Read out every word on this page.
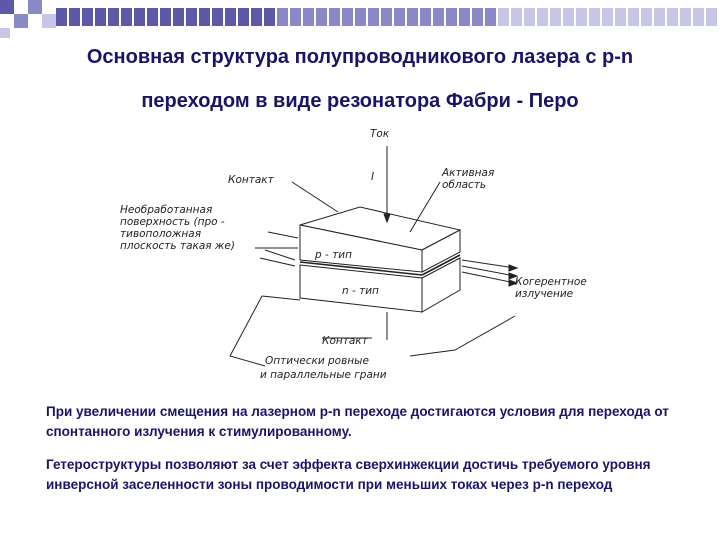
Основная структура полупроводникового лазера с р-n
переходом в виде резонатора Фабри - Перо
Ток
I
Контакт
Активная
область
Необработанная
поверхность (про -
тивоположная
плоскость такая же)
р - тип
n - тип
Когерентное
излучение
Контакт
Оптически ровные
и параллельные грани

При увеличении смещения на лазерном р-n переходе достигаются условия для перехода от спонтанного излучения к стимулированному.

Гетероструктуры позволяют за счет эффекта сверхинжекции достичь требуемого уровня инверсной заселенности зоны проводимости при меньших токах через р-n переход
